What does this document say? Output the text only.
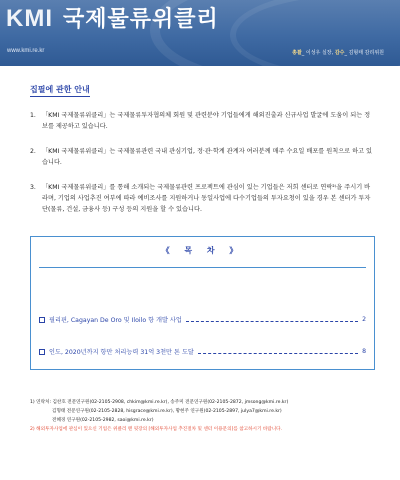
KMI 국제물류위클리
www.kmi.re.kr	총괄_ 이성우 실장, 감수_ 김형태 감리위원
집필에 관한 안내
1. 「KMI 국제물류위클리」는 국제물류투자협의체 회원 및 관련분야 기업들에게 해외진출과 신규사업 발굴에 도움이 되는 정보를 제공하고 있습니다.
2. 「KMI 국제물류위클리」는 국제물류관련 국내 관심기업, 정·관·학계 관계자 여러분께 매주 수요일 배포를 원칙으로 하고 있습니다.
3. 「KMI 국제물류위클리」를 통해 소개되는 국제물류관련 프로젝트에 관심이 있는 기업들은 저희 센터로 연락²⁾을 주시기 바라며, 기업의 사업추진 여부에 따라 예비조사를 지원하거나 동일사업에 다수기업들의 투자요청이 있을 경우 본 센터가 투자단(물류, 건설, 금융사 등) 구성 등의 지원을 할 수 있습니다.
《 목 차 》
필리핀, Cagayan De Oro 및 Iloilo 항 개발 사업	2
인도, 2020년까지 항만 처리능력 31억 3천만 톤 도달	8
1) 연락처: 김찬호 전문연구원(02-2105-2908, chkim@kmi.re.kr), 송주미 전문연구원(02-2105-2872, jmsong@kmi.re.kr)
김형태 전문연구원(02-2105-2828, hisgrace@kmi.re.kr), 황현주 연구원(02-2105-2897, julya7@kmi.re.kr)
전혜경 연구원(02-2105-2982, saoi@kmi.re.kr)
2) 해외투자사업에 관심이 있으신 기업은 위클리 맨 뒷장의 [해외투자사업 추진절차 및 센터 이용문의]를 참고하시기 바랍니다.
